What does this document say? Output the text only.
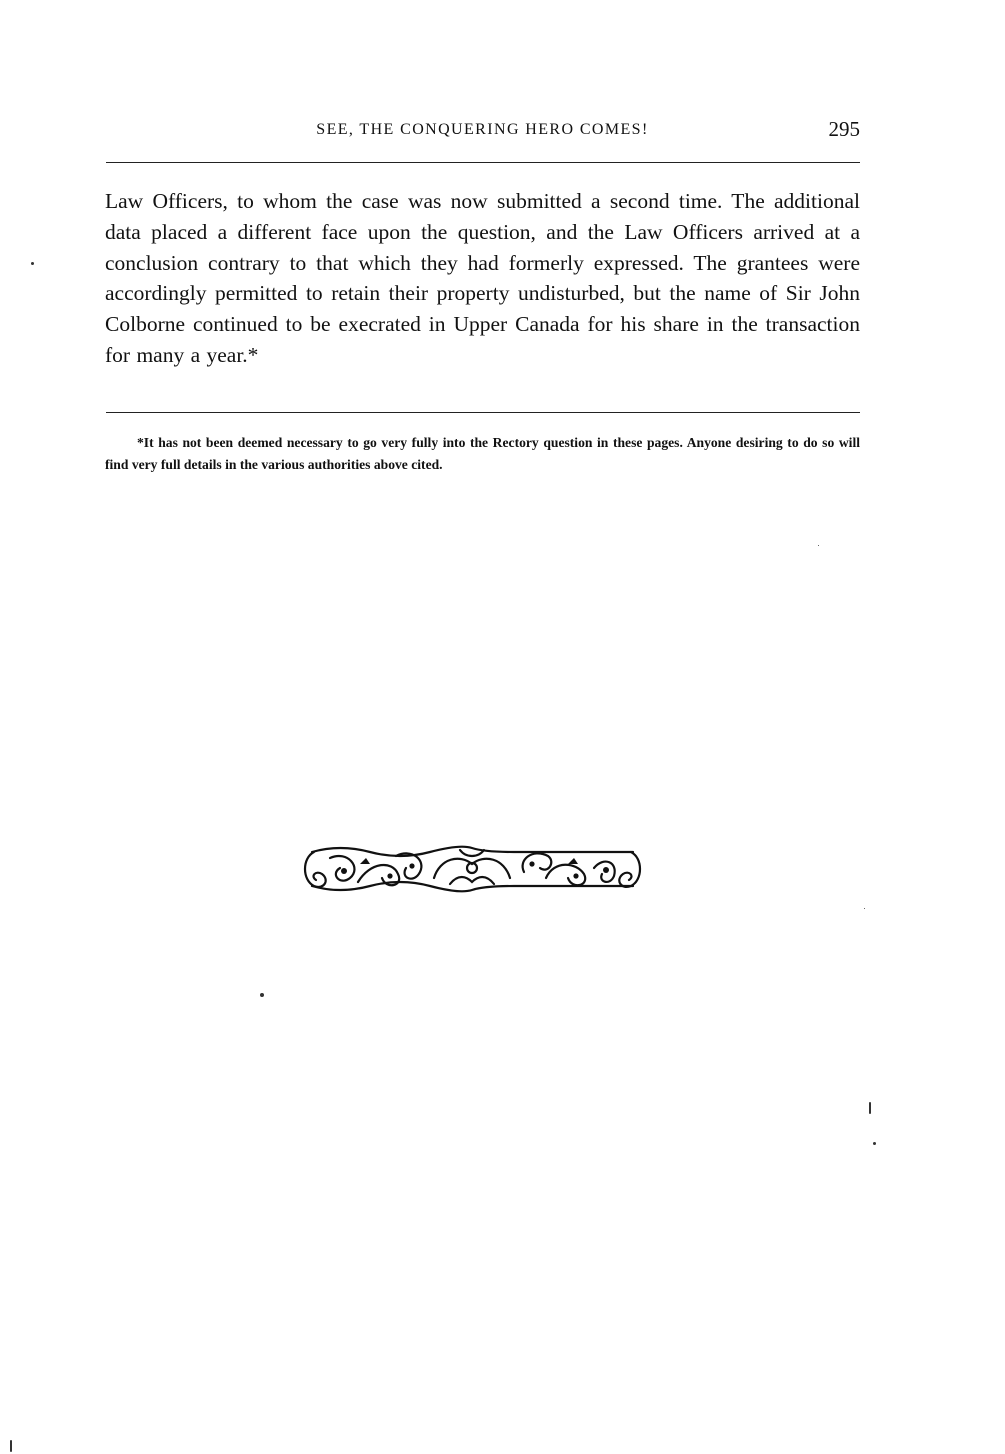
SEE, THE CONQUERING HERO COMES!	295

Law Officers, to whom the case was now submitted a second time. The additional data placed a different face upon the question, and the Law Officers arrived at a conclusion contrary to that which they had formerly expressed. The grantees were accordingly permitted to retain their property undisturbed, but the name of Sir John Colborne continued to be execrated in Upper Canada for his share in the transaction for many a year.*

*It has not been deemed necessary to go very fully into the Rectory question in these pages. Anyone desiring to do so will find very full details in the various authorities above cited.
